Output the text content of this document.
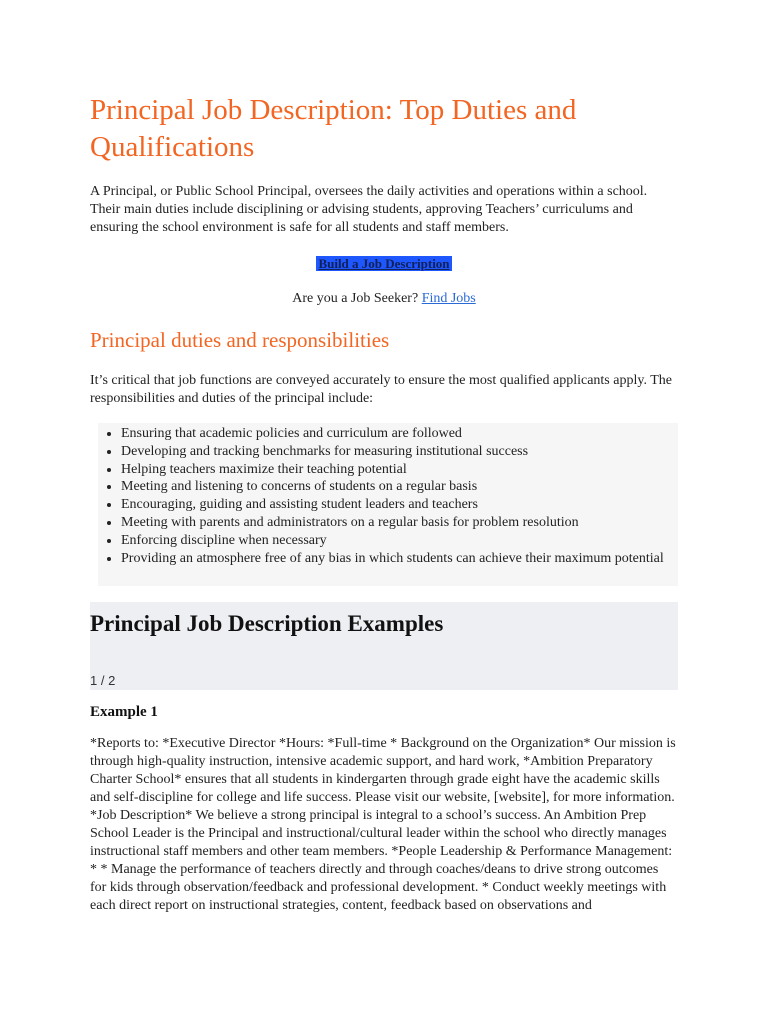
Principal Job Description: Top Duties and Qualifications

A Principal, or Public School Principal, oversees the daily activities and operations within a school. Their main duties include disciplining or advising students, approving Teachers’ curriculums and ensuring the school environment is safe for all students and staff members.

Build a Job Description
Are you a Job Seeker? Find Jobs
Principal duties and responsibilities

It’s critical that job functions are conveyed accurately to ensure the most qualified applicants apply. The responsibilities and duties of the principal include:

• Ensuring that academic policies and curriculum are followed
• Developing and tracking benchmarks for measuring institutional success
• Helping teachers maximize their teaching potential
• Meeting and listening to concerns of students on a regular basis
• Encouraging, guiding and assisting student leaders and teachers
• Meeting with parents and administrators on a regular basis for problem resolution
• Enforcing discipline when necessary
• Providing an atmosphere free of any bias in which students can achieve their maximum potential
Principal Job Description Examples
1 / 2
Example 1

*Reports to: *Executive Director *Hours: *Full-time * Background on the Organization* Our mission is through high-quality instruction, intensive academic support, and hard work, *Ambition Preparatory Charter School* ensures that all students in kindergarten through grade eight have the academic skills and self-discipline for college and life success. Please visit our website, [website], for more information. *Job Description* We believe a strong principal is integral to a school’s success. An Ambition Prep School Leader is the Principal and instructional/cultural leader within the school who directly manages instructional staff members and other team members. *People Leadership & Performance Management: * * Manage the performance of teachers directly and through coaches/deans to drive strong outcomes for kids through observation/feedback and professional development. * Conduct weekly meetings with each direct report on instructional strategies, content, feedback based on observations and
